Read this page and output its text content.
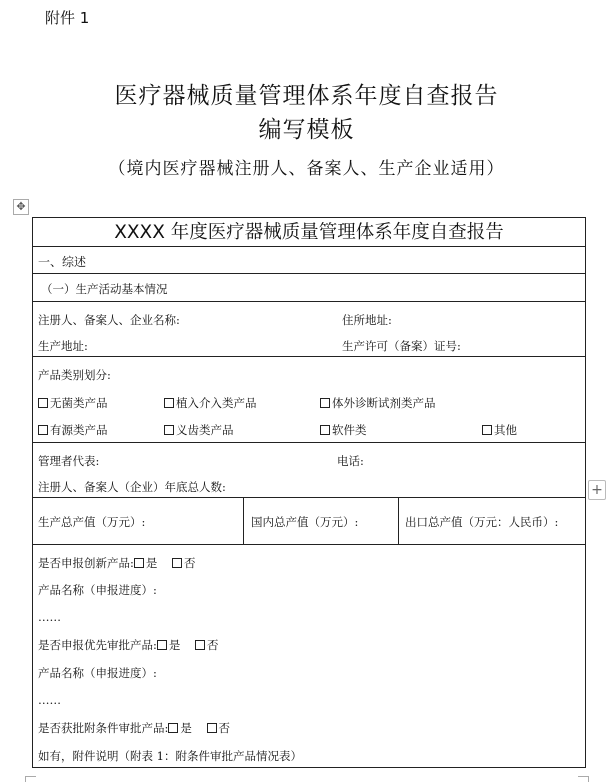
附件 1
医疗器械质量管理体系年度自查报告
编写模板
（境内医疗器械注册人、备案人、生产企业适用）
✥
+
XXXX 年度医疗器械质量管理体系年度自查报告
一、综述
（一）生产活动基本情况
注册人、备案人、企业名称:	住所地址:
生产地址:	生产许可（备案）证号:
产品类别划分:
无菌类产品	植入介入类产品	体外诊断试剂类产品
有源类产品	义齿类产品	软件类	其他
管理者代表:	电话:
注册人、备案人（企业）年底总人数:
生产总产值（万元）:	国内总产值（万元）:	出口总产值（万元：人民币）:
是否申报创新产品: 是 否
产品名称（申报进度）:
……
是否申报优先审批产品: 是 否
产品名称（申报进度）:
……
是否获批附条件审批产品: 是 否
如有，附件说明（附表 1：附条件审批产品情况表）
